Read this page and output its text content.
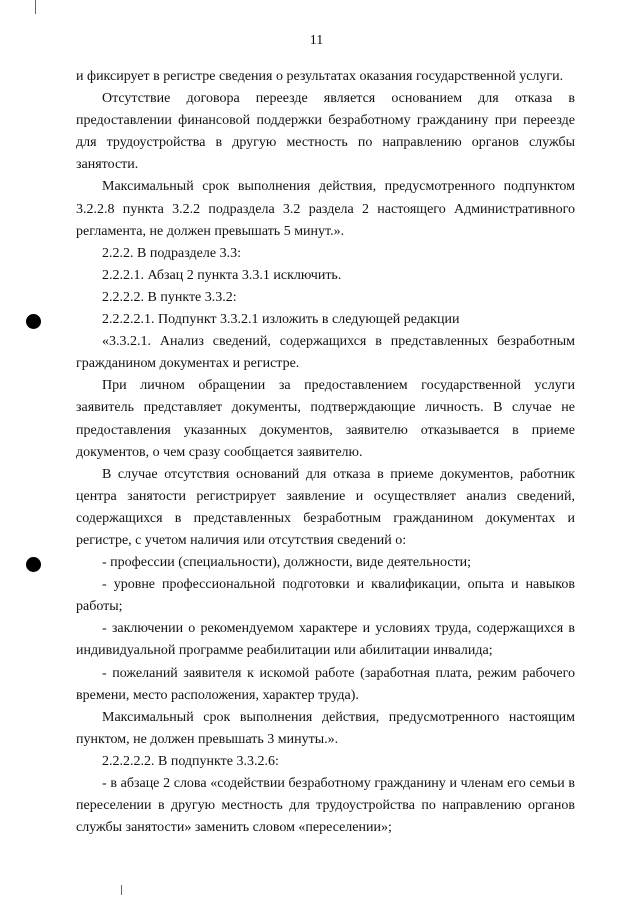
11

и фиксирует в регистре сведения о результатах оказания государственной услуги.

Отсутствие договора переезде является основанием для отказа в предоставлении финансовой поддержки безработному гражданину при переезде для трудоустройства в другую местность по направлению органов службы занятости.

Максимальный срок выполнения действия, предусмотренного подпунктом 3.2.2.8 пункта 3.2.2 подраздела 3.2 раздела 2 настоящего Административного регламента, не должен превышать 5 минут.».

2.2.2. В подразделе 3.3:

2.2.2.1. Абзац 2 пункта 3.3.1 исключить.

2.2.2.2. В пункте 3.3.2:

2.2.2.2.1. Подпункт 3.3.2.1 изложить в следующей редакции

«3.3.2.1. Анализ сведений, содержащихся в представленных безработным гражданином документах и регистре.

При личном обращении за предоставлением государственной услуги заявитель представляет документы, подтверждающие личность. В случае не предоставления указанных документов, заявителю отказывается в приеме документов, о чем сразу сообщается заявителю.

В случае отсутствия оснований для отказа в приеме документов, работник центра занятости регистрирует заявление и осуществляет анализ сведений, содержащихся в представленных безработным гражданином документах и регистре, с учетом наличия или отсутствия сведений о:

- профессии (специальности), должности, виде деятельности;

- уровне профессиональной подготовки и квалификации, опыта и навыков работы;

- заключении о рекомендуемом характере и условиях труда, содержащихся в индивидуальной программе реабилитации или абилитации инвалида;

- пожеланий заявителя к искомой работе (заработная плата, режим рабочего времени, место расположения, характер труда).

Максимальный срок выполнения действия, предусмотренного настоящим пунктом, не должен превышать 3 минуты.».

2.2.2.2.2. В подпункте 3.3.2.6:

- в абзаце 2 слова «содействии безработному гражданину и членам его семьи в переселении в другую местность для трудоустройства по направлению органов службы занятости» заменить словом «переселении»;
